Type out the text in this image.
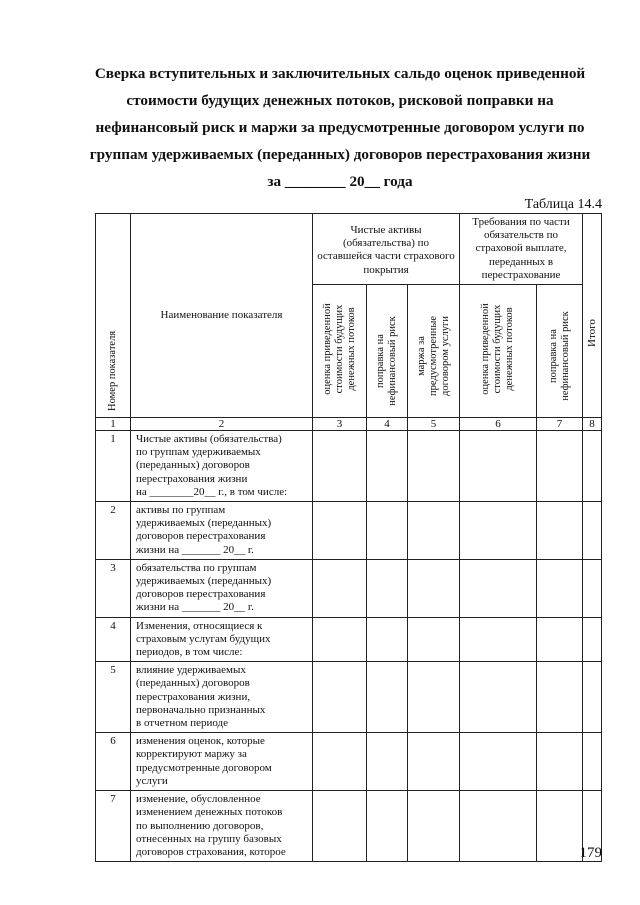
Сверка вступительных и заключительных сальдо оценок приведенной
стоимости будущих денежных потоков, рисковой поправки на
нефинансовый риск и маржи за предусмотренные договором услуги по
группам удерживаемых (переданных) договоров перестрахования жизни
за ________ 20__ года
Таблица 14.4
Номер показателя	Наименование показателя	Чистые активы (обязательства) по оставшейся части страхового покрытия			Требования по части обязательств по страховой выплате, переданных в перестрахование		Итого

		оценка приведенной стоимости будущих денежных потоков	поправка на нефинансовый риск	маржа за предусмотренные договором услуги	оценка приведенной стоимости будущих денежных потоков	поправка на нефинансовый риск	

1	2	3	4	5	6	7	8
1	Чистые активы (обязательства)
по группам удерживаемых
(переданных) договоров
перестрахования жизни
на ________20__ г., в том числе:						

2	активы по группам
удерживаемых (переданных)
договоров перестрахования
жизни на _______ 20__ г.						

3	обязательства по группам
удерживаемых (переданных)
договоров перестрахования
жизни на _______ 20__ г.						

4	Изменения, относящиеся к
страховым услугам будущих
периодов, в том числе:						

5	влияние удерживаемых
(переданных) договоров
перестрахования жизни,
первоначально признанных
в отчетном периоде						

6	изменения оценок, которые
корректируют маржу за
предусмотренные договором
услуги						

7	изменение, обусловленное
изменением денежных потоков
по выполнению договоров,
отнесенных на группу базовых
договоров страхования, которое						
							179
